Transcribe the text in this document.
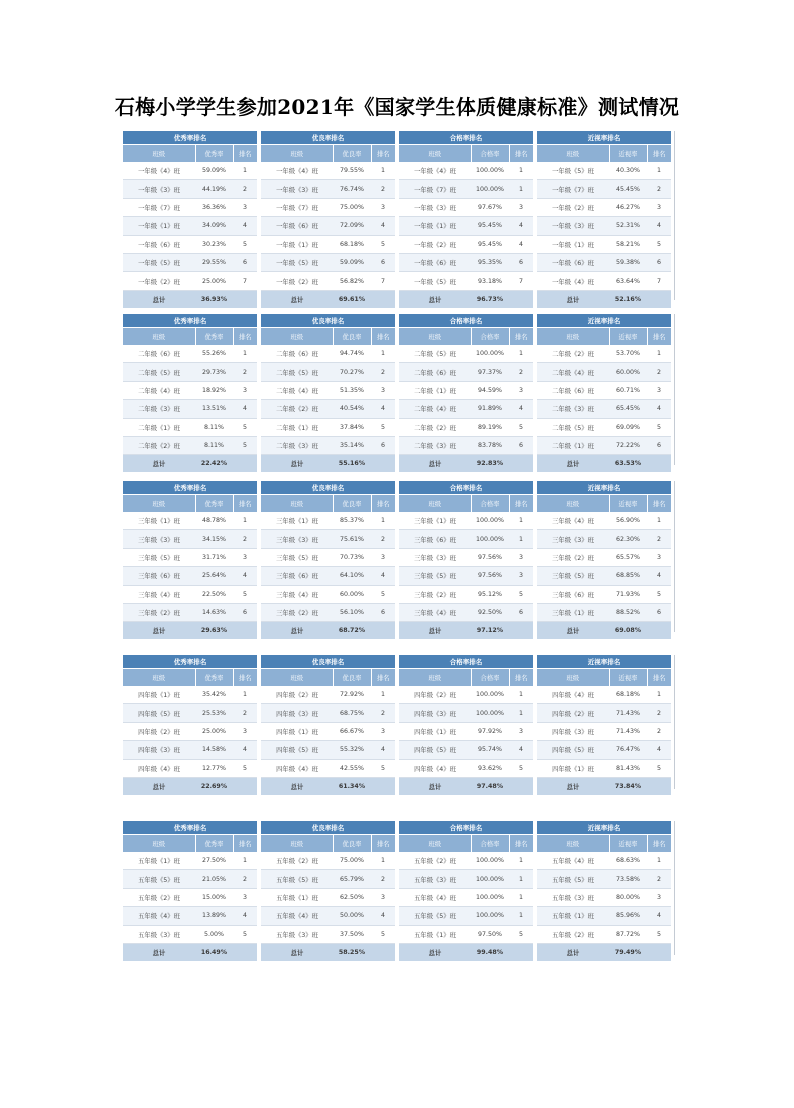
石梅小学学生参加2021年《国家学生体质健康标准》测试情况
优秀率排名		
班级	优秀率	排名
一年级《4》班	59.09%	1
一年级《3》班	44.19%	2
一年级《7》班	36.36%	3
一年级《1》班	34.09%	4
一年级《6》班	30.23%	5
一年级《5》班	29.55%	6
一年级《2》班	25.00%	7
总计	36.93%	
优良率排名		
班级	优良率	排名
一年级《4》班	79.55%	1
一年级《3》班	76.74%	2
一年级《7》班	75.00%	3
一年级《6》班	72.09%	4
一年级《1》班	68.18%	5
一年级《5》班	59.09%	6
一年级《2》班	56.82%	7
总计	69.61%	
合格率排名		
班级	合格率	排名
一年级《4》班	100.00%	1
一年级《7》班	100.00%	1
一年级《3》班	97.67%	3
一年级《1》班	95.45%	4
一年级《2》班	95.45%	4
一年级《6》班	95.35%	6
一年级《5》班	93.18%	7
总计	96.73%	
近视率排名		
班级	近视率	排名
一年级《5》班	40.30%	1
一年级《7》班	45.45%	2
一年级《2》班	46.27%	3
一年级《3》班	52.31%	4
一年级《1》班	58.21%	5
一年级《6》班	59.38%	6
一年级《4》班	63.64%	7
总计	52.16%	
优秀率排名		
班级	优秀率	排名
二年级《6》班	55.26%	1
二年级《5》班	29.73%	2
二年级《4》班	18.92%	3
二年级《3》班	13.51%	4
二年级《1》班	8.11%	5
二年级《2》班	8.11%	5
总计	22.42%	
优良率排名		
班级	优良率	排名
二年级《6》班	94.74%	1
二年级《5》班	70.27%	2
二年级《4》班	51.35%	3
二年级《2》班	40.54%	4
二年级《1》班	37.84%	5
二年级《3》班	35.14%	6
总计	55.16%	
合格率排名		
班级	合格率	排名
二年级《5》班	100.00%	1
二年级《6》班	97.37%	2
二年级《1》班	94.59%	3
二年级《4》班	91.89%	4
二年级《2》班	89.19%	5
二年级《3》班	83.78%	6
总计	92.83%	
近视率排名		
班级	近视率	排名
二年级《2》班	53.70%	1
二年级《4》班	60.00%	2
二年级《6》班	60.71%	3
二年级《3》班	65.45%	4
二年级《5》班	69.09%	5
二年级《1》班	72.22%	6
总计	63.53%	
优秀率排名		
班级	优秀率	排名
三年级《1》班	48.78%	1
三年级《3》班	34.15%	2
三年级《5》班	31.71%	3
三年级《6》班	25.64%	4
三年级《4》班	22.50%	5
三年级《2》班	14.63%	6
总计	29.63%	
优良率排名		
班级	优良率	排名
三年级《1》班	85.37%	1
三年级《3》班	75.61%	2
三年级《5》班	70.73%	3
三年级《6》班	64.10%	4
三年级《4》班	60.00%	5
三年级《2》班	56.10%	6
总计	68.72%	
合格率排名		
班级	合格率	排名
三年级《1》班	100.00%	1
三年级《6》班	100.00%	1
三年级《3》班	97.56%	3
三年级《5》班	97.56%	3
三年级《2》班	95.12%	5
三年级《4》班	92.50%	6
总计	97.12%	
近视率排名		
班级	近视率	排名
三年级《4》班	56.90%	1
三年级《3》班	62.30%	2
三年级《2》班	65.57%	3
三年级《5》班	68.85%	4
三年级《6》班	71.93%	5
三年级《1》班	88.52%	6
总计	69.08%	
优秀率排名		
班级	优秀率	排名
四年级《1》班	35.42%	1
四年级《5》班	25.53%	2
四年级《2》班	25.00%	3
四年级《3》班	14.58%	4
四年级《4》班	12.77%	5
总计	22.69%	
优良率排名		
班级	优良率	排名
四年级《2》班	72.92%	1
四年级《3》班	68.75%	2
四年级《1》班	66.67%	3
四年级《5》班	55.32%	4
四年级《4》班	42.55%	5
总计	61.34%	
合格率排名		
班级	合格率	排名
四年级《2》班	100.00%	1
四年级《3》班	100.00%	1
四年级《1》班	97.92%	3
四年级《5》班	95.74%	4
四年级《4》班	93.62%	5
总计	97.48%	
近视率排名		
班级	近视率	排名
四年级《4》班	68.18%	1
四年级《2》班	71.43%	2
四年级《3》班	71.43%	2
四年级《5》班	76.47%	4
四年级《1》班	81.43%	5
总计	73.84%	
优秀率排名		
班级	优秀率	排名
五年级《1》班	27.50%	1
五年级《5》班	21.05%	2
五年级《2》班	15.00%	3
五年级《4》班	13.89%	4
五年级《3》班	5.00%	5
总计	16.49%	
优良率排名		
班级	优良率	排名
五年级《2》班	75.00%	1
五年级《5》班	65.79%	2
五年级《1》班	62.50%	3
五年级《4》班	50.00%	4
五年级《3》班	37.50%	5
总计	58.25%	
合格率排名		
班级	合格率	排名
五年级《2》班	100.00%	1
五年级《3》班	100.00%	1
五年级《4》班	100.00%	1
五年级《5》班	100.00%	1
五年级《1》班	97.50%	5
总计	99.48%	
近视率排名		
班级	近视率	排名
五年级《4》班	68.63%	1
五年级《5》班	73.58%	2
五年级《3》班	80.00%	3
五年级《1》班	85.96%	4
五年级《2》班	87.72%	5
总计	79.49%	
